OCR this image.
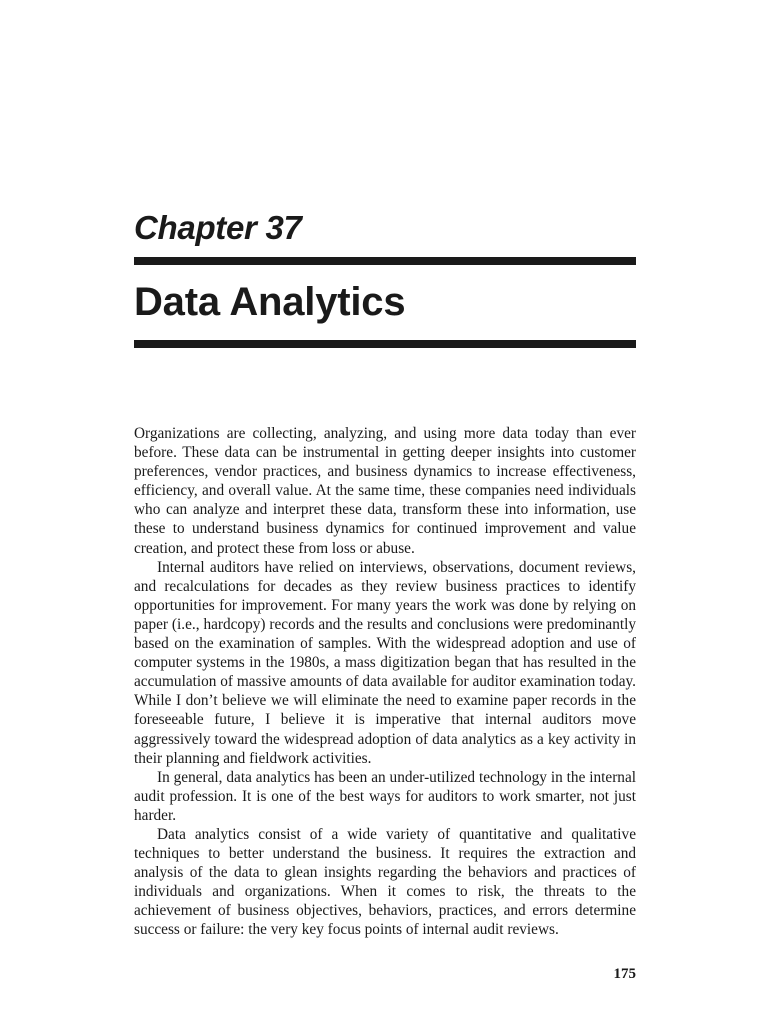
Chapter 37
Data Analytics

Organizations are collecting, analyzing, and using more data today than ever before. These data can be instrumental in getting deeper insights into customer preferences, vendor practices, and business dynamics to increase effectiveness, efficiency, and overall value. At the same time, these companies need individuals who can analyze and interpret these data, transform these into information, use these to understand business dynamics for continued improvement and value creation, and protect these from loss or abuse.

Internal auditors have relied on interviews, observations, document reviews, and recalculations for decades as they review business practices to identify opportunities for improvement. For many years the work was done by relying on paper (i.e., hardcopy) records and the results and conclusions were predominantly based on the examination of samples. With the widespread adoption and use of computer systems in the 1980s, a mass digitization began that has resulted in the accumulation of massive amounts of data available for auditor examination today. While I don’t believe we will eliminate the need to examine paper records in the foreseeable future, I believe it is imperative that internal auditors move aggressively toward the widespread adoption of data analytics as a key activity in their planning and fieldwork activities.

In general, data analytics has been an under-utilized technology in the internal audit profession. It is one of the best ways for auditors to work smarter, not just harder.

Data analytics consist of a wide variety of quantitative and qualitative techniques to better understand the business. It requires the extraction and analysis of the data to glean insights regarding the behaviors and practices of individuals and organizations. When it comes to risk, the threats to the achievement of business objectives, behaviors, practices, and errors determine success or failure: the very key focus points of internal audit reviews.

175
